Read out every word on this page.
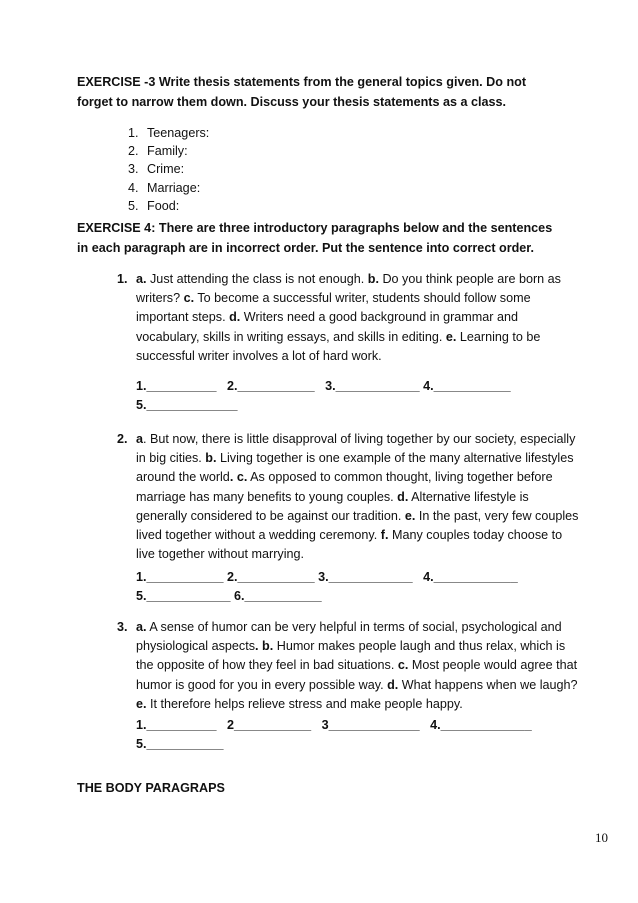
EXERCISE -3 Write thesis statements from the general topics given. Do not
forget to narrow them down. Discuss your thesis statements as a class.
1. Teenagers:
2. Family:
3. Crime:
4. Marriage:
5. Food:
EXERCISE 4: There are three introductory paragraphs below and the sentences
in each paragraph are in incorrect order. Put the sentence into correct order.
1. a. Just attending the class is not enough. b. Do you think people are born as writers? c. To become a successful writer, students should follow some important steps. d. Writers need a good background in grammar and vocabulary, skills in writing essays, and skills in editing. e. Learning to be successful writer involves a lot of hard work.
1.__________   2.___________   3.____________ 4.___________
5._____________
2. a. But now, there is little disapproval of living together by our society, especially in big cities. b. Living together is one example of the many alternative lifestyles around the world. c. As opposed to common thought, living together before marriage has many benefits to young couples. d. Alternative lifestyle is generally considered to be against our tradition. e. In the past, very few couples lived together without a wedding ceremony. f. Many couples today choose to live together without marrying.
1.___________ 2.___________ 3.____________   4.____________
5.____________ 6.___________
3. a. A sense of humor can be very helpful in terms of social, psychological and physiological aspects. b. Humor makes people laugh and thus relax, which is the opposite of how they feel in bad situations. c. Most people would agree that humor is good for you in every possible way. d. What happens when we laugh? e. It therefore helps relieve stress and make people happy.
1.__________   2___________   3_____________   4._____________
5.___________
THE BODY PARAGRAPS
10
